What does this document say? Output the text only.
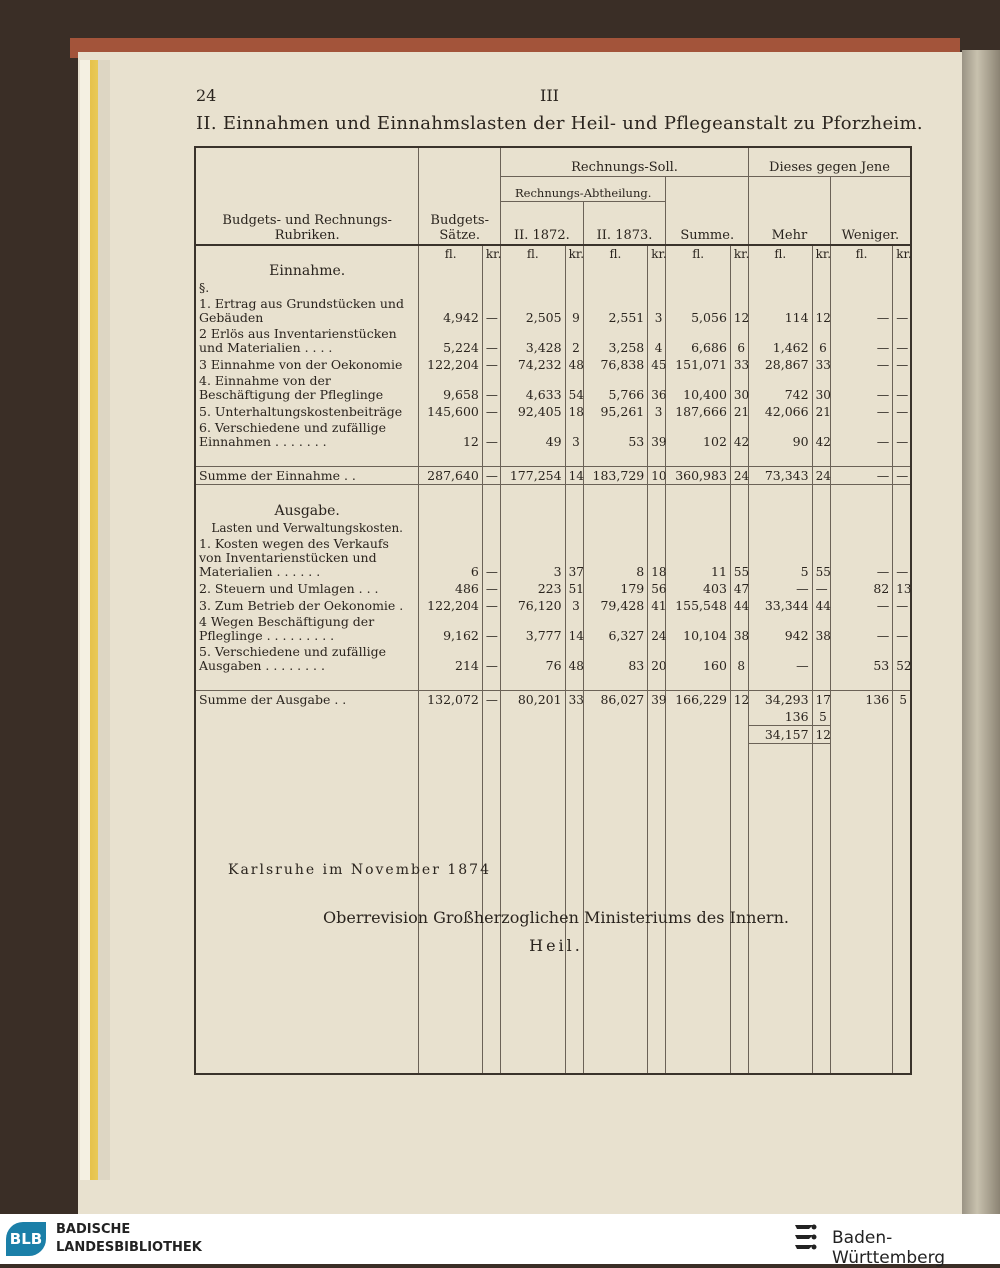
24	III
II. Einnahmen und Einnahmslasten der Heil- und Pflegeanstalt zu Pforzheim.
Budgets- und Rechnungs-Rubriken.	Budgets-Sätze.		Rechnungs-Soll.						Dieses gegen Jene			
			Rechnungs-Abtheilung.				Summe.		Mehr		Weniger.	
			II. 1872.		II. 1873.							
	fl.	kr.	fl.	kr.	fl.	kr.	fl.	kr.	fl.	kr.	fl.	kr.
Einnahme.												
§.												
1. Ertrag aus Grundstücken und Gebäuden	4,942	—	2,505	9	2,551	3	5,056	12	114	12	—	—
2 Erlös aus Inventarienstücken und Materialien . . . .	5,224	—	3,428	2	3,258	4	6,686	6	1,462	6	—	—
3 Einnahme von der Oekonomie	122,204	—	74,232	48	76,838	45	151,071	33	28,867	33	—	—
4. Einnahme von der Beschäftigung der Pfleglinge	9,658	—	4,633	54	5,766	36	10,400	30	742	30	—	—
5. Unterhaltungskostenbeiträge	145,600	—	92,405	18	95,261	3	187,666	21	42,066	21	—	—
6. Verschiedene und zufällige Einnahmen . . . . . . .	12	—	49	3	53	39	102	42	90	42	—	—

Summe der Einnahme . .	287,640	—	177,254	14	183,729	10	360,983	24	73,343	24	—	—
Ausgabe.												
Lasten und Verwaltungskosten.												
1. Kosten wegen des Verkaufs von Inventarienstücken und Materialien . . . . . .	6	—	3	37	8	18	11	55	5	55	—	—
2. Steuern und Umlagen . . .	486	—	223	51	179	56	403	47	—	—	82	13
3. Zum Betrieb der Oekonomie .	122,204	—	76,120	3	79,428	41	155,548	44	33,344	44	—	—
4 Wegen Beschäftigung der Pfleglinge . . . . . . . . .	9,162	—	3,777	14	6,327	24	10,104	38	942	38	—	—
5. Verschiedene und zufällige Ausgaben . . . . . . . .	214	—	76	48	83	20	160	8	—		53	52

Summe der Ausgabe . .	132,072	—	80,201	33	86,027	39	166,229	12	34,293	17	136	5
									136	5		
									34,157	12		

Karlsruhe im November 1874
Oberrevision Großherzoglichen Ministeriums des Innern.
Heil.
BLB
BADISCHE
LANDESBIBLIOTHEK	Baden-Württemberg
